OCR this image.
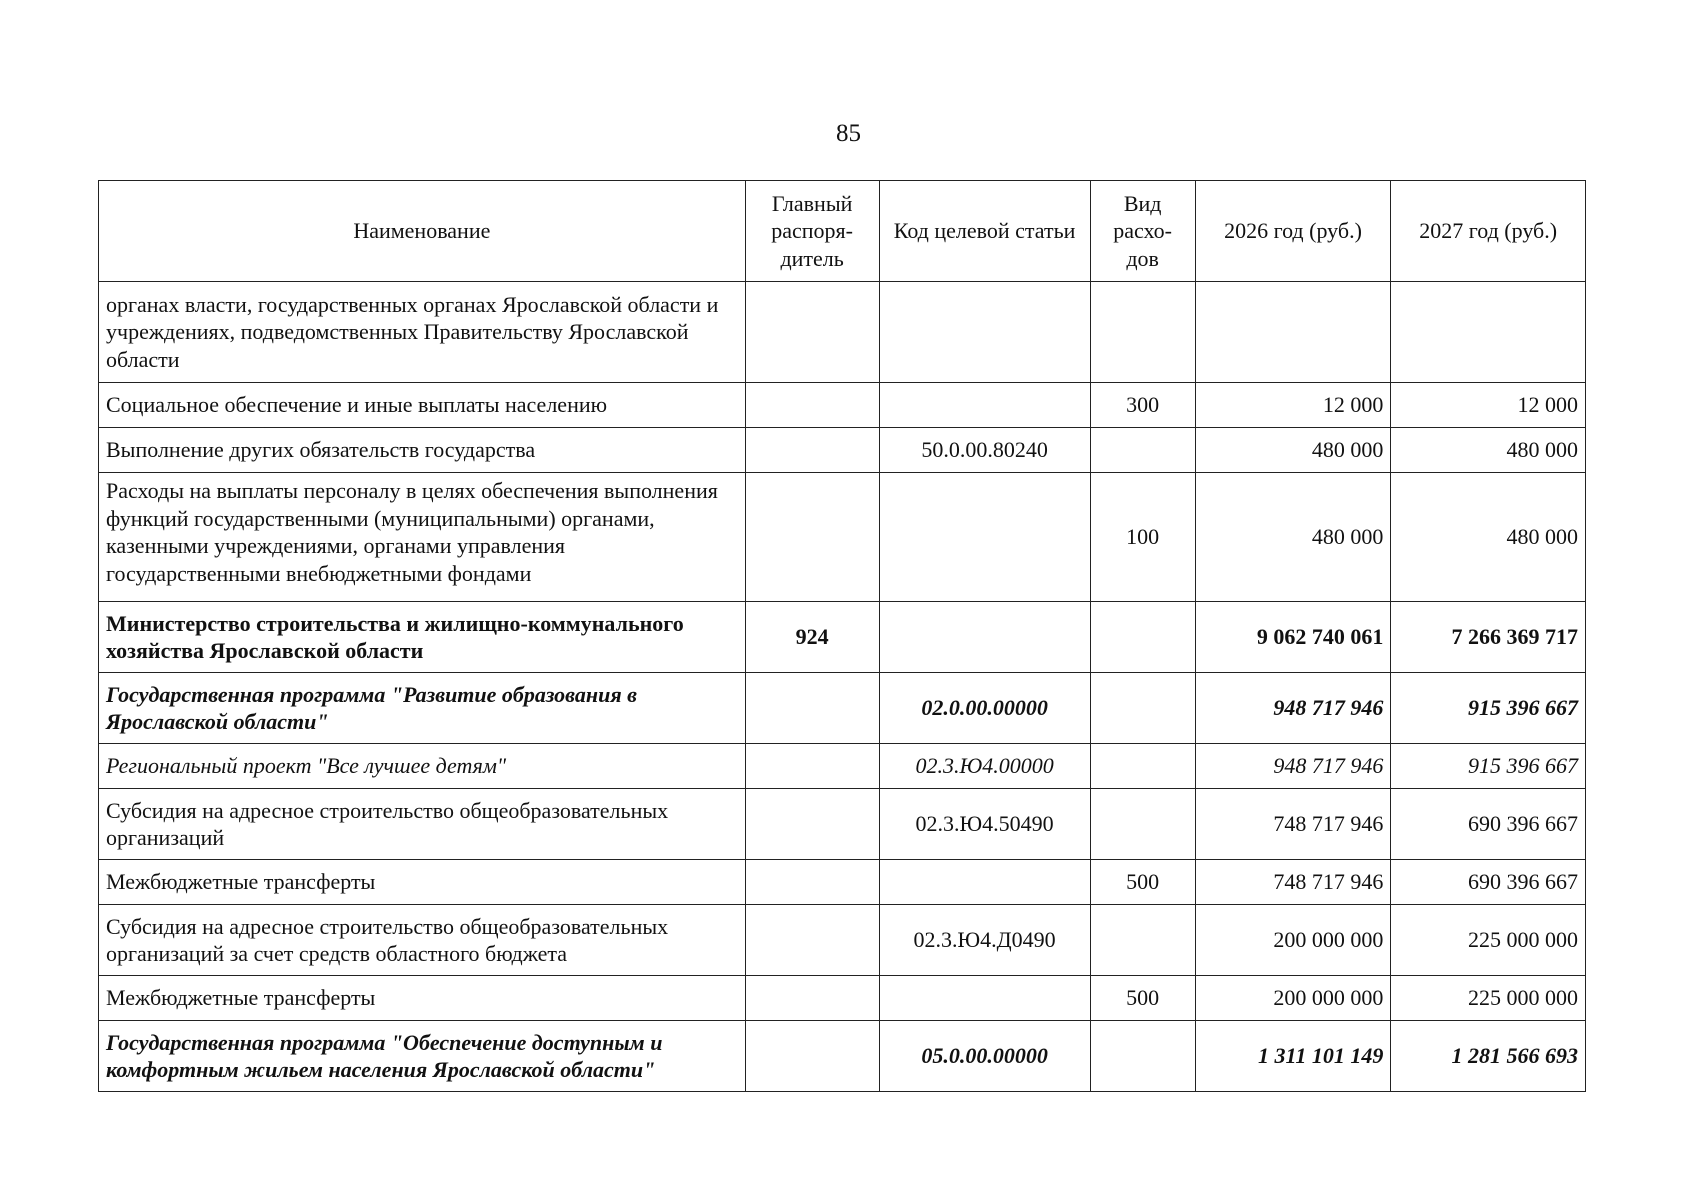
85
Наименование	Главный распоря-дитель	Код целевой статьи	Вид расхо-дов	2026 год (руб.)	2027 год (руб.)
органах власти, государственных органах Ярославской области и учреждениях, подведомственных Правительству Ярославской области					
Социальное обеспечение и иные выплаты населению			300	12 000	12 000
Выполнение других обязательств государства		50.0.00.80240		480 000	480 000
Расходы на выплаты персоналу в целях обеспечения выполнения функций государственными (муниципальными) органами, казенными учреждениями, органами управления государственными внебюджетными фондами			100	480 000	480 000
Министерство строительства и жилищно-коммунального хозяйства Ярославской области	924			9 062 740 061	7 266 369 717
Государственная программа "Развитие образования в Ярославской области"		02.0.00.00000		948 717 946	915 396 667
Региональный проект "Все лучшее детям"		02.3.Ю4.00000		948 717 946	915 396 667
Субсидия на адресное строительство общеобразовательных организаций		02.3.Ю4.50490		748 717 946	690 396 667
Межбюджетные трансферты			500	748 717 946	690 396 667
Субсидия на адресное строительство общеобразовательных организаций за счет средств областного бюджета		02.3.Ю4.Д0490		200 000 000	225 000 000
Межбюджетные трансферты			500	200 000 000	225 000 000
Государственная программа "Обеспечение доступным и комфортным жильем населения Ярославской области"		05.0.00.00000		1 311 101 149	1 281 566 693
